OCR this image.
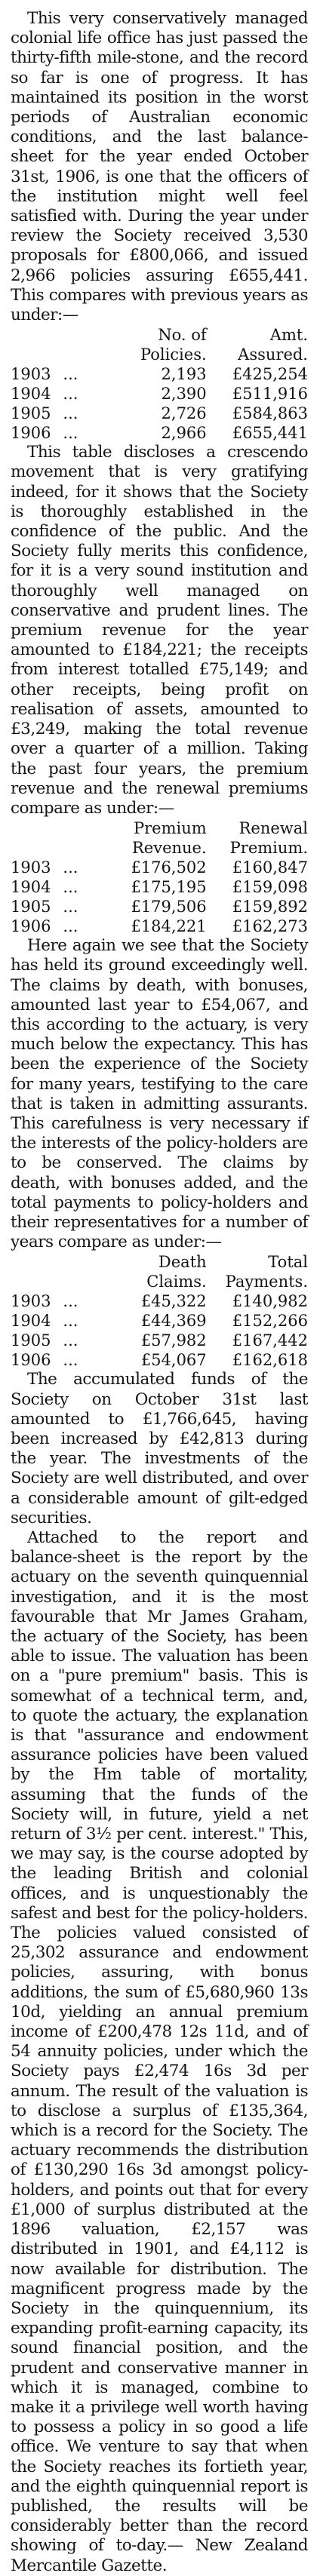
This very conservatively managed colonial life office has just passed the thirty-fifth mile-stone, and the record so far is one of progress. It has maintained its position in the worst periods of Australian economic conditions, and the last balance-sheet for the year ended October 31st, 1906, is one that the officers of the institution might well feel satisfied with. During the year under review the Society received 3,530 proposals for £800,066, and issued 2,966 policies assuring £655,441. This compares with previous years as under:—

		No. of Policies.	Amt. Assured.
1903	...	2,193	£425,254
1904	...	2,390	£511,916
1905	...	2,726	£584,863
1906	...	2,966	£655,441

This table discloses a crescendo movement that is very gratifying indeed, for it shows that the Society is thoroughly established in the confidence of the public. And the Society fully merits this confidence, for it is a very sound institution and thoroughly well managed on conservative and prudent lines. The premium revenue for the year amounted to £184,221; the receipts from interest totalled £75,149; and other receipts, being profit on realisation of assets, amounted to £3,249, making the total revenue over a quarter of a million. Taking the past four years, the premium revenue and the renewal premiums compare as under:—

		Premium Revenue.	Renewal Premium.
1903	...	£176,502	£160,847
1904	...	£175,195	£159,098
1905	...	£179,506	£159,892
1906	...	£184,221	£162,273

Here again we see that the Society has held its ground exceedingly well. The claims by death, with bonuses, amounted last year to £54,067, and this according to the actuary, is very much below the expectancy. This has been the experience of the Society for many years, testifying to the care that is taken in admitting assurants. This carefulness is very necessary if the interests of the policy-holders are to be conserved. The claims by death, with bonuses added, and the total payments to policy-holders and their representatives for a number of years compare as under:—

		Death Claims.	Total Payments.
1903	...	£45,322	£140,982
1904	...	£44,369	£152,266
1905	...	£57,982	£167,442
1906	...	£54,067	£162,618

The accumulated funds of the Society on October 31st last amounted to £1,766,645, having been increased by £42,813 during the year. The investments of the Society are well distributed, and over a considerable amount of gilt-edged securities.

Attached to the report and balance-sheet is the report by the actuary on the seventh quinquennial investigation, and it is the most favourable that Mr James Graham, the actuary of the Society, has been able to issue. The valuation has been on a "pure premium" basis. This is somewhat of a technical term, and, to quote the actuary, the explanation is that "assurance and endowment assurance policies have been valued by the Hm table of mortality, assuming that the funds of the Society will, in future, yield a net return of 3½ per cent. interest." This, we may say, is the course adopted by the leading British and colonial offices, and is unquestionably the safest and best for the policy-holders. The policies valued consisted of 25,302 assurance and endowment policies, assuring, with bonus additions, the sum of £5,680,960 13s 10d, yielding an annual premium income of £200,478 12s 11d, and of 54 annuity policies, under which the Society pays £2,474 16s 3d per annum. The result of the valuation is to disclose a surplus of £135,364, which is a record for the Society. The actuary recommends the distribution of £130,290 16s 3d amongst policy-holders, and points out that for every £1,000 of surplus distributed at the 1896 valuation, £2,157 was distributed in 1901, and £4,112 is now available for distribution. The magnificent progress made by the Society in the quinquennium, its expanding profit-earning capacity, its sound financial position, and the prudent and conservative manner in which it is managed, combine to make it a privilege well worth having to possess a policy in so good a life office. We venture to say that when the Society reaches its fortieth year, and the eighth quinquennial report is published, the results will be considerably better than the record showing of to-day.— New Zealand Mercantile Gazette.
